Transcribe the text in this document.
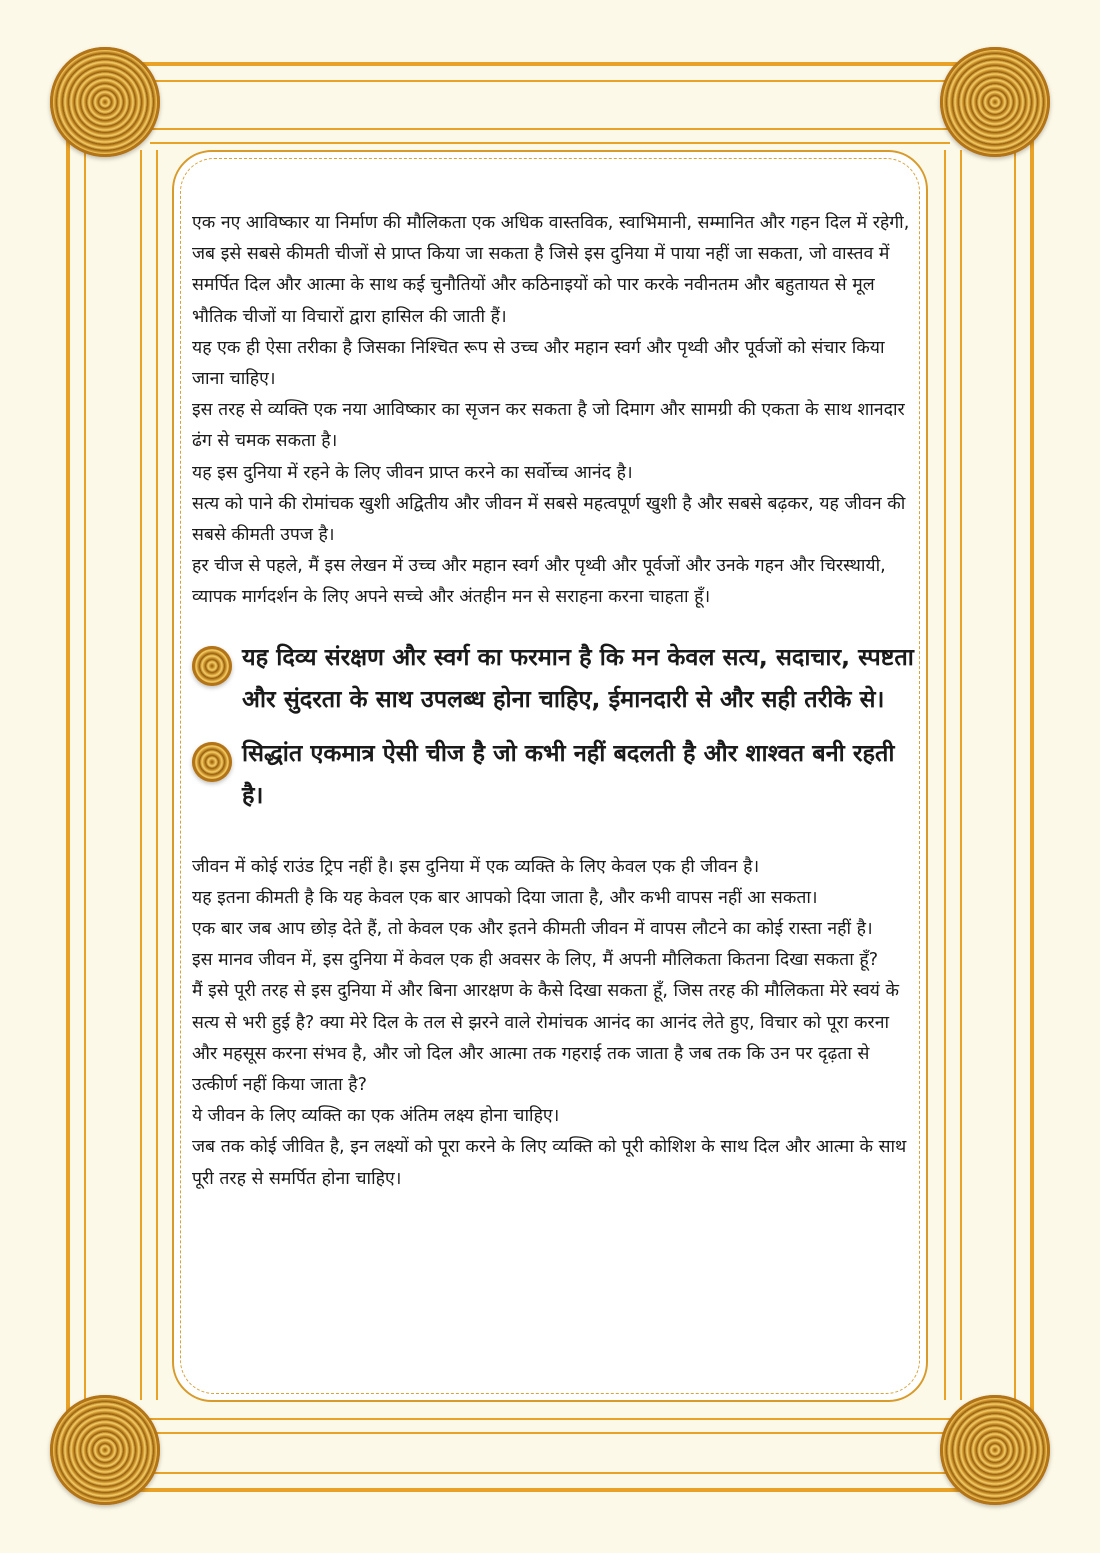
एक नए आविष्कार या निर्माण की मौलिकता एक अधिक वास्तविक, स्वाभिमानी, सम्मानित और गहन दिल में रहेगी, जब इसे सबसे कीमती चीजों से प्राप्त किया जा सकता है जिसे इस दुनिया में पाया नहीं जा सकता, जो वास्तव में समर्पित दिल और आत्मा के साथ कई चुनौतियों और कठिनाइयों को पार करके नवीनतम और बहुतायत से मूल भौतिक चीजों या विचारों द्वारा हासिल की जाती हैं।

यह एक ही ऐसा तरीका है जिसका निश्चित रूप से उच्च और महान स्वर्ग और पृथ्वी और पूर्वजों को संचार किया जाना चाहिए।

इस तरह से व्यक्ति एक नया आविष्कार का सृजन कर सकता है जो दिमाग और सामग्री की एकता के साथ शानदार ढंग से चमक सकता है।

यह इस दुनिया में रहने के लिए जीवन प्राप्त करने का सर्वोच्च आनंद है।

सत्य को पाने की रोमांचक खुशी अद्वितीय और जीवन में सबसे महत्वपूर्ण खुशी है और सबसे बढ़कर, यह जीवन की सबसे कीमती उपज है।

हर चीज से पहले, मैं इस लेखन में उच्च और महान स्वर्ग और पृथ्वी और पूर्वजों और उनके गहन और चिरस्थायी, व्यापक मार्गदर्शन के लिए अपने सच्चे और अंतहीन मन से सराहना करना चाहता हूँ।

यह दिव्य संरक्षण और स्वर्ग का फरमान है कि मन केवल सत्य, सदाचार, स्पष्टता और सुंदरता के साथ उपलब्ध होना चाहिए, ईमानदारी से और सही तरीके से।
सिद्धांत एकमात्र ऐसी चीज है जो कभी नहीं बदलती है और शाश्वत बनी रहती है।

जीवन में कोई राउंड ट्रिप नहीं है। इस दुनिया में एक व्यक्ति के लिए केवल एक ही जीवन है।

यह इतना कीमती है कि यह केवल एक बार आपको दिया जाता है, और कभी वापस नहीं आ सकता।

एक बार जब आप छोड़ देते हैं, तो केवल एक और इतने कीमती जीवन में वापस लौटने का कोई रास्ता नहीं है।

इस मानव जीवन में, इस दुनिया में केवल एक ही अवसर के लिए, मैं अपनी मौलिकता कितना दिखा सकता हूँ?

मैं इसे पूरी तरह से इस दुनिया में और बिना आरक्षण के कैसे दिखा सकता हूँ, जिस तरह की मौलिकता मेरे स्वयं के सत्य से भरी हुई है? क्या मेरे दिल के तल से झरने वाले रोमांचक आनंद का आनंद लेते हुए, विचार को पूरा करना और महसूस करना संभव है, और जो दिल और आत्मा तक गहराई तक जाता है जब तक कि उन पर दृढ़ता से उत्कीर्ण नहीं किया जाता है?

ये जीवन के लिए व्यक्ति का एक अंतिम लक्ष्य होना चाहिए।

जब तक कोई जीवित है, इन लक्ष्यों को पूरा करने के लिए व्यक्ति को पूरी कोशिश के साथ दिल और आत्मा के साथ पूरी तरह से समर्पित होना चाहिए।
